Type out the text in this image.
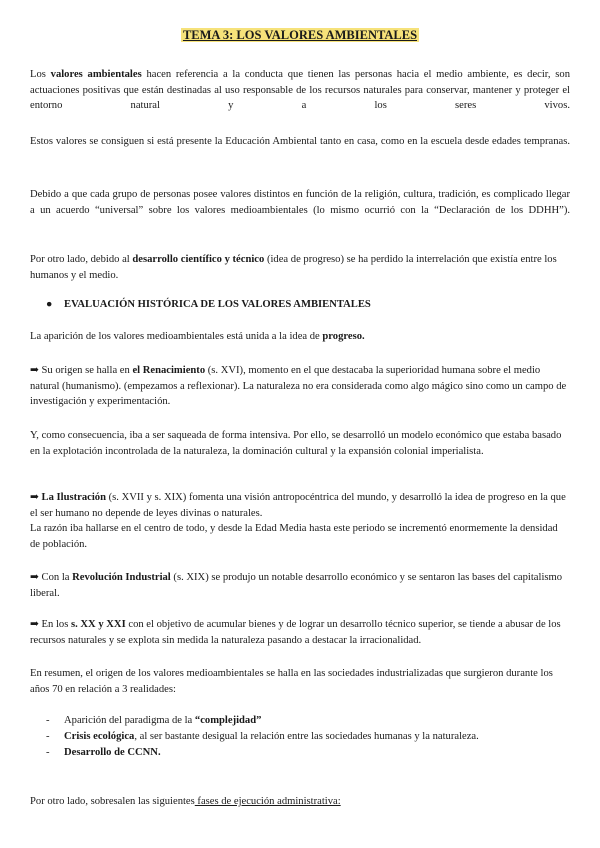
TEMA 3: LOS VALORES AMBIENTALES

Los valores ambientales hacen referencia a la conducta que tienen las personas hacia el medio ambiente, es decir, son actuaciones positivas que están destinadas al uso responsable de los recursos naturales para conservar, mantener y proteger el entorno natural y a los seres vivos.

Estos valores se consiguen si está presente la Educación Ambiental tanto en casa, como en la escuela desde edades tempranas.

Debido a que cada grupo de personas posee valores distintos en función de la religión, cultura, tradición, es complicado llegar a un acuerdo “universal” sobre los valores medioambientales (lo mismo ocurrió con la “Declaración de los DDHH”).

Por otro lado, debido al desarrollo científico y técnico (idea de progreso) se ha perdido la interrelación que existía entre los humanos y el medio.

● EVALUACIÓN HISTÓRICA DE LOS VALORES AMBIENTALES

La aparición de los valores medioambientales está unida a la idea de progreso.

➡ Su origen se halla en el Renacimiento (s. XVI), momento en el que destacaba la superioridad humana sobre el medio natural (humanismo). (empezamos a reflexionar). La naturaleza no era considerada como algo mágico sino como un campo de investigación y experimentación.

Y, como consecuencia, iba a ser saqueada de forma intensiva. Por ello, se desarrolló un modelo económico que estaba basado en la explotación incontrolada de la naturaleza, la dominación cultural y la expansión colonial imperialista.

➡ La Ilustración (s. XVII y s. XIX) fomenta una visión antropocéntrica del mundo, y desarrolló la idea de progreso en la que el ser humano no depende de leyes divinas o naturales.
La razón iba hallarse en el centro de todo, y desde la Edad Media hasta este periodo se incrementó enormemente la densidad de población.

➡ Con la Revolución Industrial (s. XIX) se produjo un notable desarrollo económico y se sentaron las bases del capitalismo liberal.

➡ En los s. XX y XXI con el objetivo de acumular bienes y de lograr un desarrollo técnico superior, se tiende a abusar de los recursos naturales y se explota sin medida la naturaleza pasando a destacar la irracionalidad.

En resumen, el origen de los valores medioambientales se halla en las sociedades industrializadas que surgieron durante los años 70 en relación a 3 realidades:

-	Aparición del paradigma de la “complejidad”
-	Crisis ecológica, al ser bastante desigual la relación entre las sociedades humanas y la naturaleza.
-	Desarrollo de CCNN.

Por otro lado, sobresalen las siguientes fases de ejecución administrativa:
